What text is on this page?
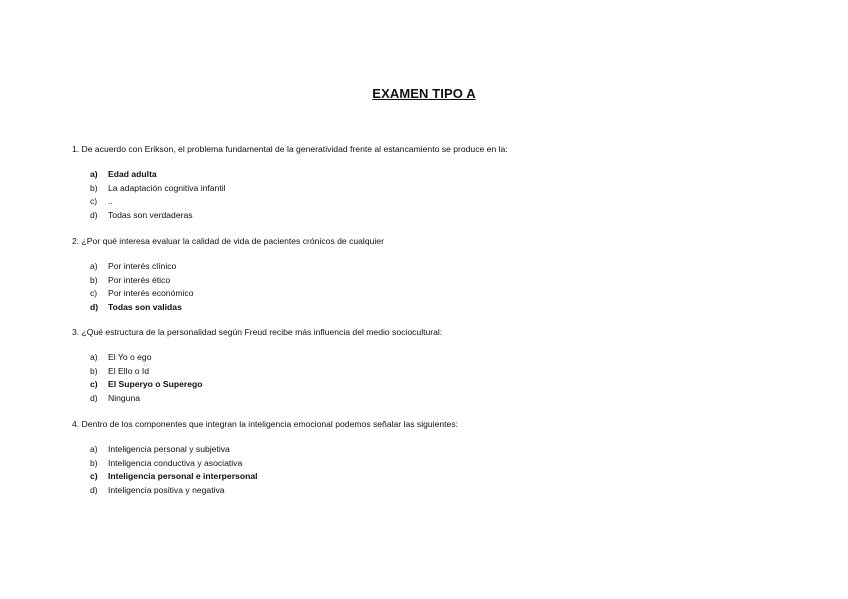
EXAMEN TIPO A
1. De acuerdo con Erikson, el problema fundamental de la generatividad frente al estancamiento se produce en la:
a)	Edad adulta
b)	La adaptación cognitiva infantil
c)	..
d)	Todas son verdaderas
2. ¿Por qué interesa evaluar la calidad de vida de pacientes crónicos de cualquier
a)	Por interés clínico
b)	Por interés ético
c)	Por interés económico
d)	Todas son validas
3. ¿Qué estructura de la personalidad según Freud recibe más influencia del medio sociocultural:
a)	El Yo o ego
b)	El Ello o Id
c)	El Superyo o Superego
d)	Ninguna
4. Dentro de los componentes que integran la inteligencia emocional podemos señalar las siguientes:
a)	Inteligencia personal y subjetiva
b)	Inteligencia conductiva y asociativa
c)	Inteligencia personal e interpersonal
d)	Inteligencia positiva y negativa
